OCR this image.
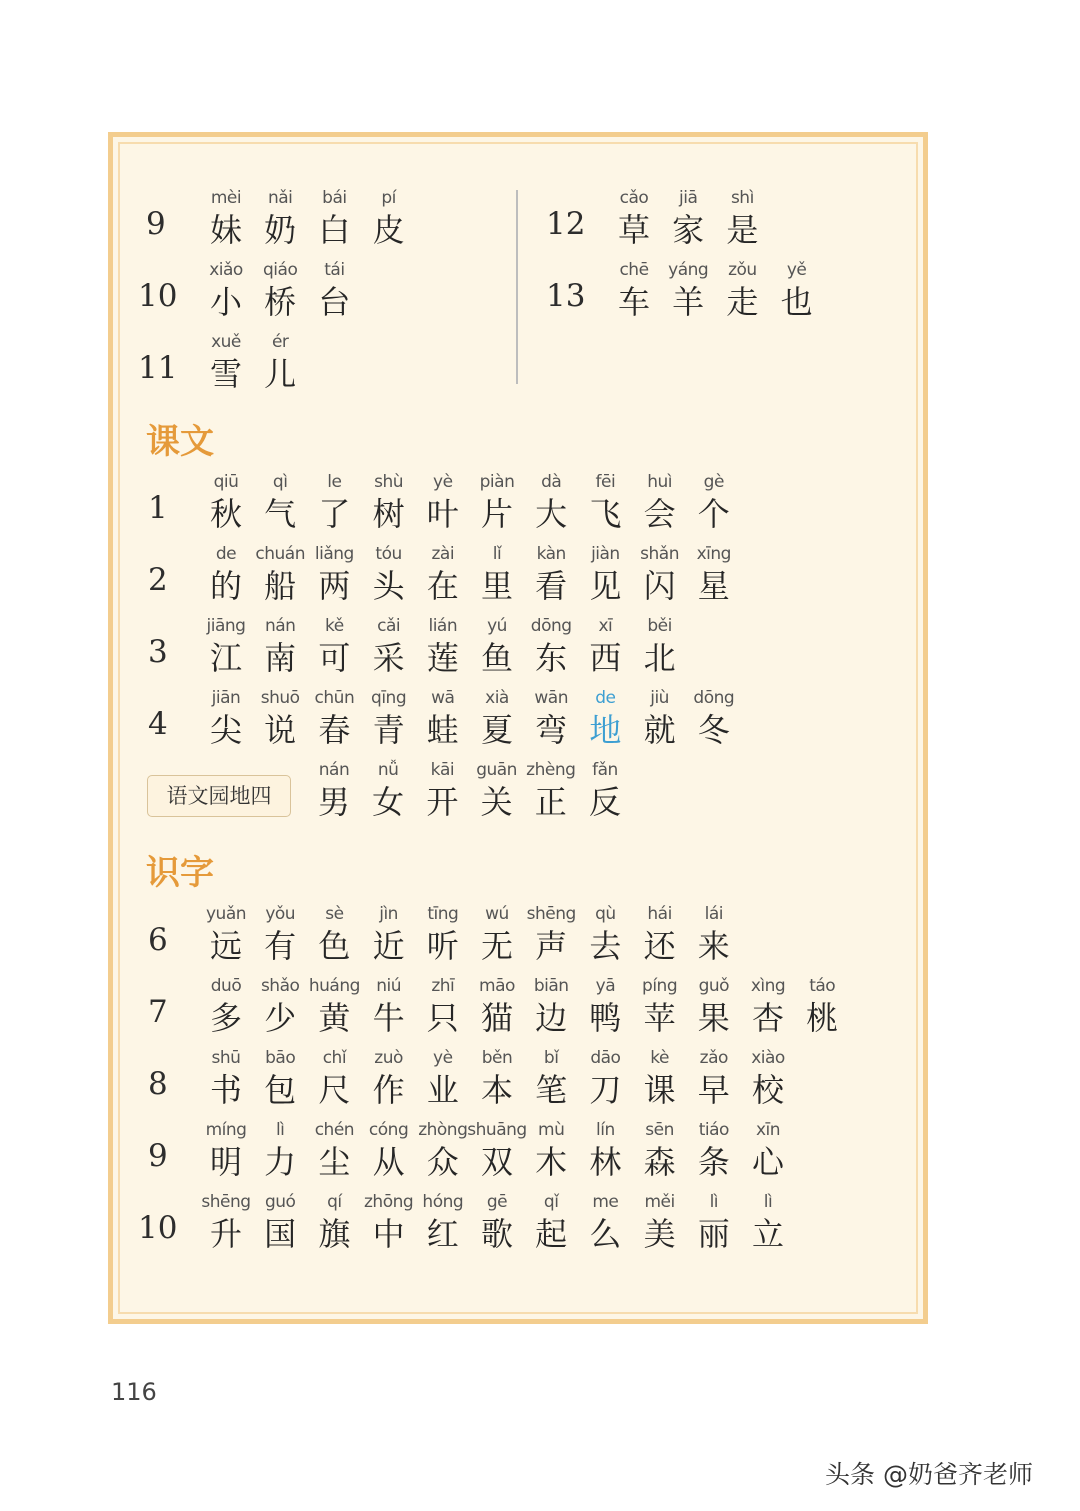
9
mèi
妹
nǎi
奶
bái
白
pí
皮
10
xiǎo
小
qiáo
桥
tái
台
11
xuě
雪
ér
儿
12
cǎo
草
jiā
家
shì
是
13
chē
车
yáng
羊
zǒu
走
yě
也
1
qiū
秋
qì
气
le
了
shù
树
yè
叶
piàn
片
dà
大
fēi
飞
huì
会
gè
个
2
de
的
chuán
船
liǎng
两
tóu
头
zài
在
lǐ
里
kàn
看
jiàn
见
shǎn
闪
xīng
星
3
jiāng
江
nán
南
kě
可
cǎi
采
lián
莲
yú
鱼
dōng
东
xī
西
běi
北
4
jiān
尖
shuō
说
chūn
春
qīng
青
wā
蛙
xià
夏
wān
弯
de
地
jiù
就
dōng
冬
nán
男
nǚ
女
kāi
开
guān
关
zhèng
正
fǎn
反
6
yuǎn
远
yǒu
有
sè
色
jìn
近
tīng
听
wú
无
shēng
声
qù
去
hái
还
lái
来
7
duō
多
shǎo
少
huáng
黄
niú
牛
zhī
只
māo
猫
biān
边
yā
鸭
píng
苹
guǒ
果
xìng
杏
táo
桃
8
shū
书
bāo
包
chǐ
尺
zuò
作
yè
业
běn
本
bǐ
笔
dāo
刀
kè
课
zǎo
早
xiào
校
9
míng
明
lì
力
chén
尘
cóng
从
zhòng
众
shuāng
双
mù
木
lín
林
sēn
森
tiáo
条
xīn
心
10
shēng
升
guó
国
qí
旗
zhōng
中
hóng
红
gē
歌
qǐ
起
me
么
měi
美
lì
丽
lì
立
课文
识字
语文园地四
116
头条 @奶爸齐老师
